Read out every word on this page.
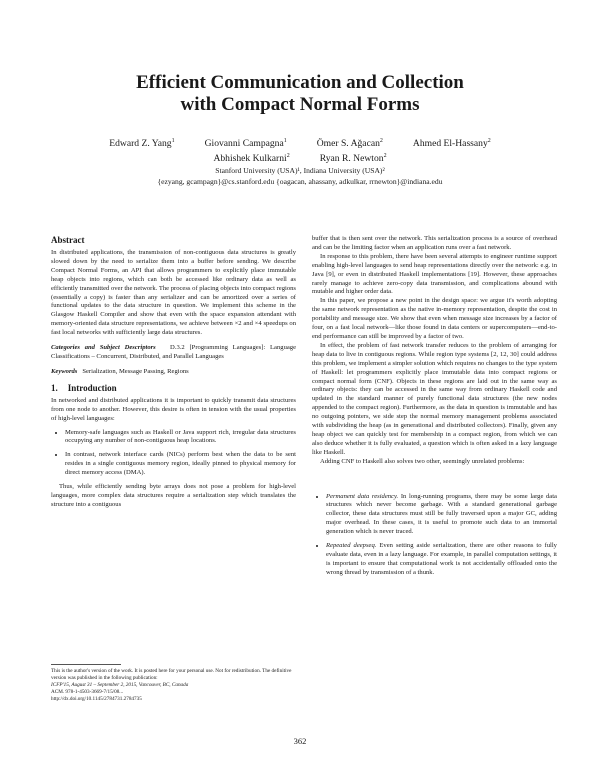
Efficient Communication and Collection
with Compact Normal Forms
Edward Z. Yang$^1$	Giovanni Campagna$^1$	Ömer S. Ağacan$^2$	Ahmed El-Hassany$^2$
Abhishek Kulkarni$^2$	Ryan R. Newton$^2$
Stanford University (USA)¹, Indiana University (USA)²
{ezyang, gcampagn}@cs.stanford.edu {oagacan, ahassany, adkulkar, rrnewton}@indiana.edu
Abstract

In distributed applications, the transmission of non-contiguous data structures is greatly slowed down by the need to serialize them into a buffer before sending. We describe Compact Normal Forms, an API that allows programmers to explicitly place immutable heap objects into regions, which can both be accessed like ordinary data as well as efficiently transmitted over the network. The process of placing objects into compact regions (essentially a copy) is faster than any serializer and can be amortized over a series of functional updates to the data structure in question. We implement this scheme in the Glasgow Haskell Compiler and show that even with the space expansion attendant with memory-oriented data structure representations, we achieve between ×2 and ×4 speedups on fast local networks with sufficiently large data structures.

Categories and Subject Descriptors D.3.2 [Programming Languages]: Language Classifications – Concurrent, Distributed, and Parallel Languages

Keywords Serialization, Message Passing, Regions

1. Introduction

In networked and distributed applications it is important to quickly transmit data structures from one node to another. However, this desire is often in tension with the usual properties of high-level languages:

• Memory-safe languages such as Haskell or Java support rich, irregular data structures occupying any number of non-contiguous heap locations.
• In contrast, network interface cards (NICs) perform best when the data to be sent resides in a single contiguous memory region, ideally pinned to physical memory for direct memory access (DMA).

Thus, while efficiently sending byte arrays does not pose a problem for high-level languages, more complex data structures require a serialization step which translates the structure into a contiguous

buffer that is then sent over the network. This serialization process is a source of overhead and can be the limiting factor when an application runs over a fast network.

In response to this problem, there have been several attempts to engineer runtime support enabling high-level languages to send heap representations directly over the network: e.g. in Java [9], or even in distributed Haskell implementations [19]. However, these approaches rarely manage to achieve zero-copy data transmission, and complications abound with mutable and higher order data.

In this paper, we propose a new point in the design space: we argue it's worth adopting the same network representation as the native in-memory representation, despite the cost in portability and message size. We show that even when message size increases by a factor of four, on a fast local network—like those found in data centers or supercomputers—end-to-end performance can still be improved by a factor of two.

In effect, the problem of fast network transfer reduces to the problem of arranging for heap data to live in contiguous regions. While region type systems [2, 12, 30] could address this problem, we implement a simpler solution which requires no changes to the type system of Haskell: let programmers explicitly place immutable data into compact regions or compact normal form (CNF). Objects in these regions are laid out in the same way as ordinary objects: they can be accessed in the same way from ordinary Haskell code and updated in the standard manner of purely functional data structures (the new nodes appended to the compact region). Furthermore, as the data in question is immutable and has no outgoing pointers, we side step the normal memory management problems associated with subdividing the heap (as in generational and distributed collectors). Finally, given any heap object we can quickly test for membership in a compact region, from which we can also deduce whether it is fully evaluated, a question which is often asked in a lazy language like Haskell.

Adding CNF to Haskell also solves two other, seemingly unrelated problems:

• Permanent data residency. In long-running programs, there may be some large data structures which never become garbage. With a standard generational garbage collector, these data structures must still be fully traversed upon a major GC, adding major overhead. In these cases, it is useful to promote such data to an immortal generation which is never traced.
• Repeated deepseq. Even setting aside serialization, there are other reasons to fully evaluate data, even in a lazy language. For example, in parallel computation settings, it is important to ensure that computational work is not accidentally offloaded onto the wrong thread by transmission of a thunk.
This is the author's version of the work. It is posted here for your personal use. Not for redistribution. The definitive version was published in the following publication:
ICFP'15, August 31 – September 2, 2015, Vancouver, BC, Canada
ACM. 978-1-4503-3669-7/15/08...
http://dx.doi.org/10.1145/2784731.2784735
362
